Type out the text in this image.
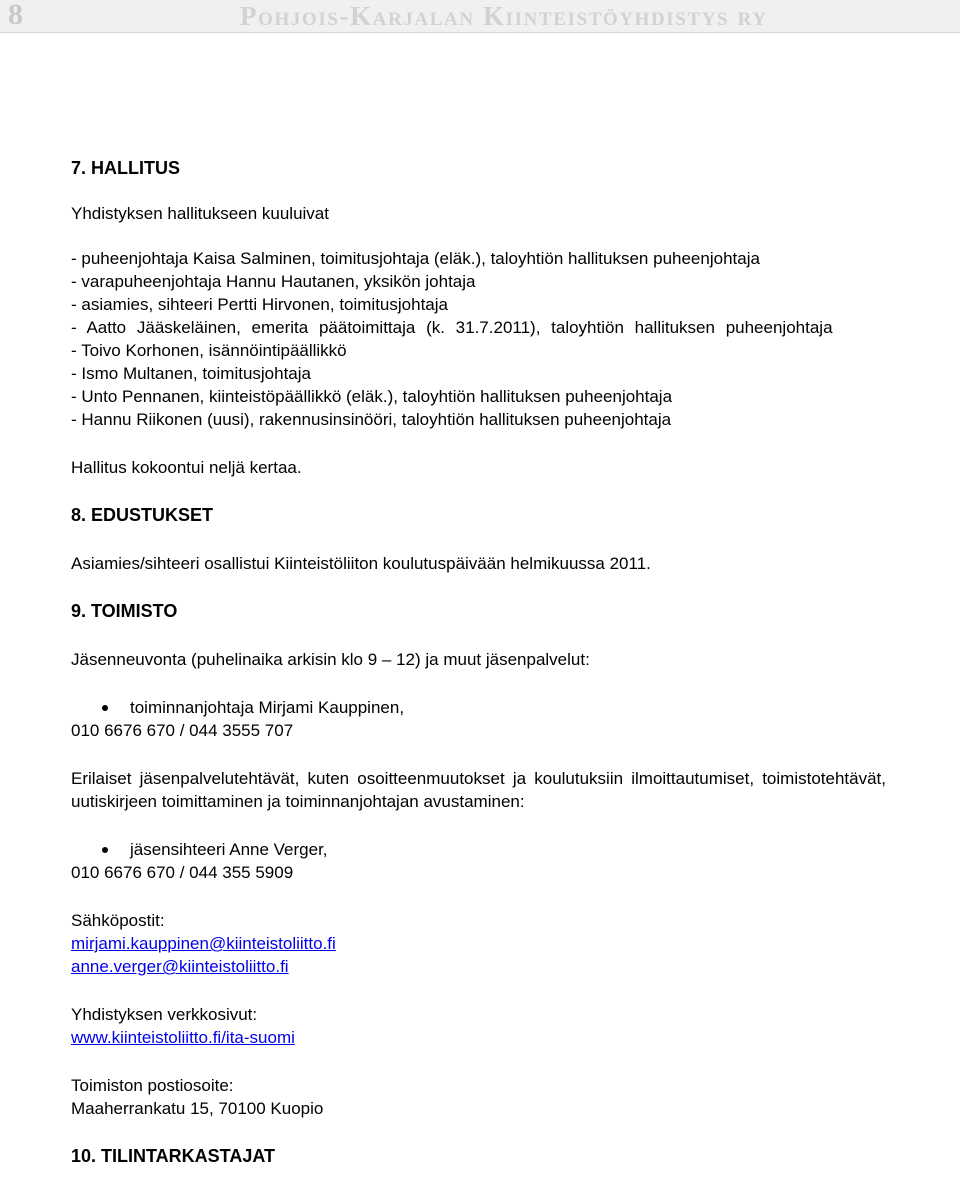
8	Pohjois-Karjalan Kiinteistöyhdistys ry
7. HALLITUS

Yhdistyksen hallitukseen kuuluivat

- puheenjohtaja Kaisa Salminen, toimitusjohtaja (eläk.), taloyhtiön hallituksen puheenjohtaja

- varapuheenjohtaja Hannu Hautanen, yksikön johtaja

- asiamies, sihteeri Pertti Hirvonen, toimitusjohtaja

- Aatto Jääskeläinen, emerita päätoimittaja (k. 31.7.2011), taloyhtiön hallituksen puheenjohtaja

- Toivo Korhonen, isännöintipäällikkö

- Ismo Multanen, toimitusjohtaja

- Unto Pennanen, kiinteistöpäällikkö (eläk.), taloyhtiön hallituksen puheenjohtaja

- Hannu Riikonen (uusi), rakennusinsinööri, taloyhtiön hallituksen puheenjohtaja

Hallitus kokoontui neljä kertaa.

8. EDUSTUKSET

Asiamies/sihteeri osallistui Kiinteistöliiton koulutuspäivään helmikuussa 2011.

9. TOIMISTO

Jäsenneuvonta (puhelinaika arkisin klo 9 – 12) ja muut jäsenpalvelut:

toiminnanjohtaja Mirjami Kauppinen,
010 6676 670 / 044 3555 707

Erilaiset jäsenpalvelutehtävät, kuten osoitteenmuutokset ja koulutuksiin ilmoittautumiset, toimistotehtävät, uutiskirjeen toimittaminen ja toiminnanjohtajan avustaminen:

jäsensihteeri Anne Verger,
010 6676 670 / 044 355 5909

Sähköpostit:

mirjami.kauppinen@kiinteistoliitto.fi

anne.verger@kiinteistoliitto.fi

Yhdistyksen verkkosivut:

www.kiinteistoliitto.fi/ita-suomi

Toimiston postiosoite:

Maaherrankatu 15, 70100 Kuopio

10. TILINTARKASTAJAT
